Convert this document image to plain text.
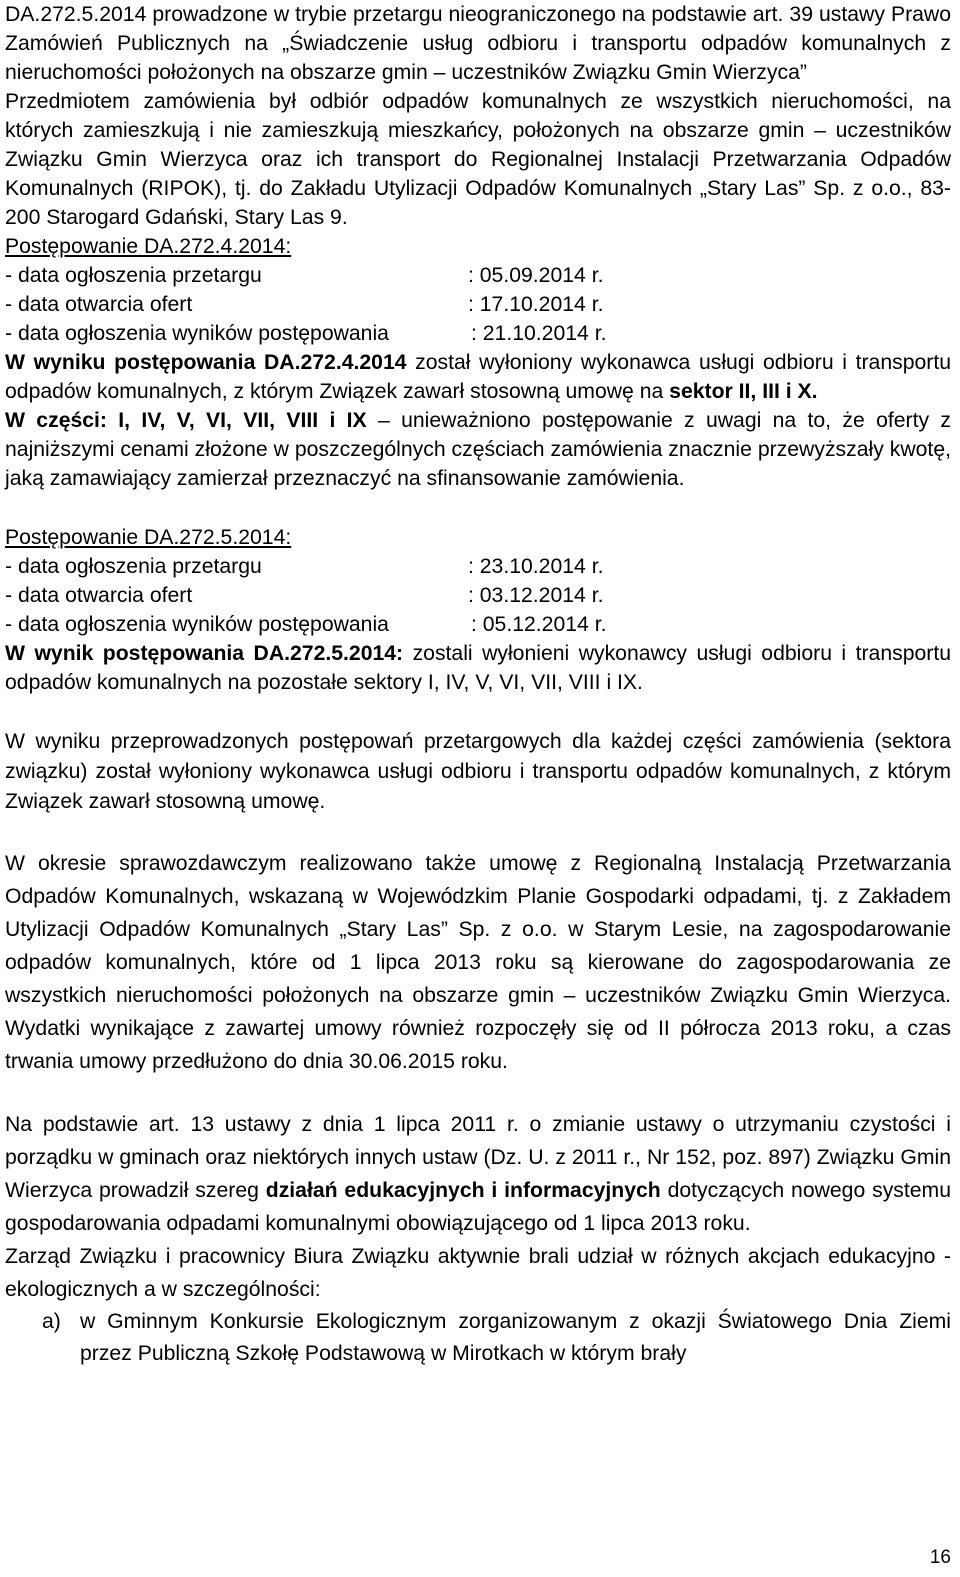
DA.272.5.2014 prowadzone w trybie przetargu nieograniczonego na podstawie art. 39 ustawy Prawo Zamówień Publicznych na „Świadczenie usług odbioru i transportu odpadów komunalnych z nieruchomości położonych na obszarze gmin – uczestników Związku Gmin Wierzyca”

Przedmiotem zamówienia był odbiór odpadów komunalnych ze wszystkich nieruchomości, na których zamieszkują i nie zamieszkują mieszkańcy, położonych na obszarze gmin – uczestników Związku Gmin Wierzyca oraz ich transport do Regionalnej Instalacji Przetwarzania Odpadów Komunalnych (RIPOK), tj. do Zakładu Utylizacji Odpadów Komunalnych „Stary Las” Sp. z o.o., 83-200 Starogard Gdański, Stary Las 9.

Postępowanie DA.272.4.2014:
- data ogłoszenia przetargu	: 05.09.2014 r.
- data otwarcia ofert	: 17.10.2014 r.
- data ogłoszenia wyników postępowania	: 21.10.2014 r.

W wyniku postępowania DA.272.4.2014 został wyłoniony wykonawca usługi odbioru i transportu odpadów komunalnych, z którym Związek zawarł stosowną umowę na sektor II, III i X.

W części: I, IV, V, VI, VII, VIII i IX – unieważniono postępowanie z uwagi na to, że oferty z najniższymi cenami złożone w poszczególnych częściach zamówienia znacznie przewyższały kwotę, jaką zamawiający zamierzał przeznaczyć na sfinansowanie zamówienia.

Postępowanie DA.272.5.2014:
- data ogłoszenia przetargu	: 23.10.2014 r.
- data otwarcia ofert	: 03.12.2014 r.
- data ogłoszenia wyników postępowania	: 05.12.2014 r.

W wynik postępowania DA.272.5.2014: zostali wyłonieni wykonawcy usługi odbioru i transportu odpadów komunalnych na pozostałe sektory I, IV, V, VI, VII, VIII i IX.

W wyniku przeprowadzonych postępowań przetargowych dla każdej części zamówienia (sektora związku) został wyłoniony wykonawca usługi odbioru i transportu odpadów komunalnych, z którym Związek zawarł stosowną umowę.

W okresie sprawozdawczym realizowano także umowę z Regionalną Instalacją Przetwarzania Odpadów Komunalnych, wskazaną w Wojewódzkim Planie Gospodarki odpadami, tj. z Zakładem Utylizacji Odpadów Komunalnych „Stary Las” Sp. z o.o. w Starym Lesie, na zagospodarowanie odpadów komunalnych, które od 1 lipca 2013 roku są kierowane do zagospodarowania ze wszystkich nieruchomości położonych na obszarze gmin – uczestników Związku Gmin Wierzyca. Wydatki wynikające z zawartej umowy również rozpoczęły się od II półrocza 2013 roku, a czas trwania umowy przedłużono do dnia 30.06.2015 roku.

Na podstawie art. 13 ustawy z dnia 1 lipca 2011 r. o zmianie ustawy o utrzymaniu czystości i porządku w gminach oraz niektórych innych ustaw (Dz. U. z 2011 r., Nr 152, poz. 897) Związku Gmin Wierzyca prowadził szereg działań edukacyjnych i informacyjnych dotyczących nowego systemu gospodarowania odpadami komunalnymi obowiązującego od 1 lipca 2013 roku.

Zarząd Związku i pracownicy Biura Związku aktywnie brali udział w różnych akcjach edukacyjno - ekologicznych a w szczególności:

a) w Gminnym Konkursie Ekologicznym zorganizowanym z okazji Światowego Dnia Ziemi przez Publiczną Szkołę Podstawową w Mirotkach w którym brały
16
